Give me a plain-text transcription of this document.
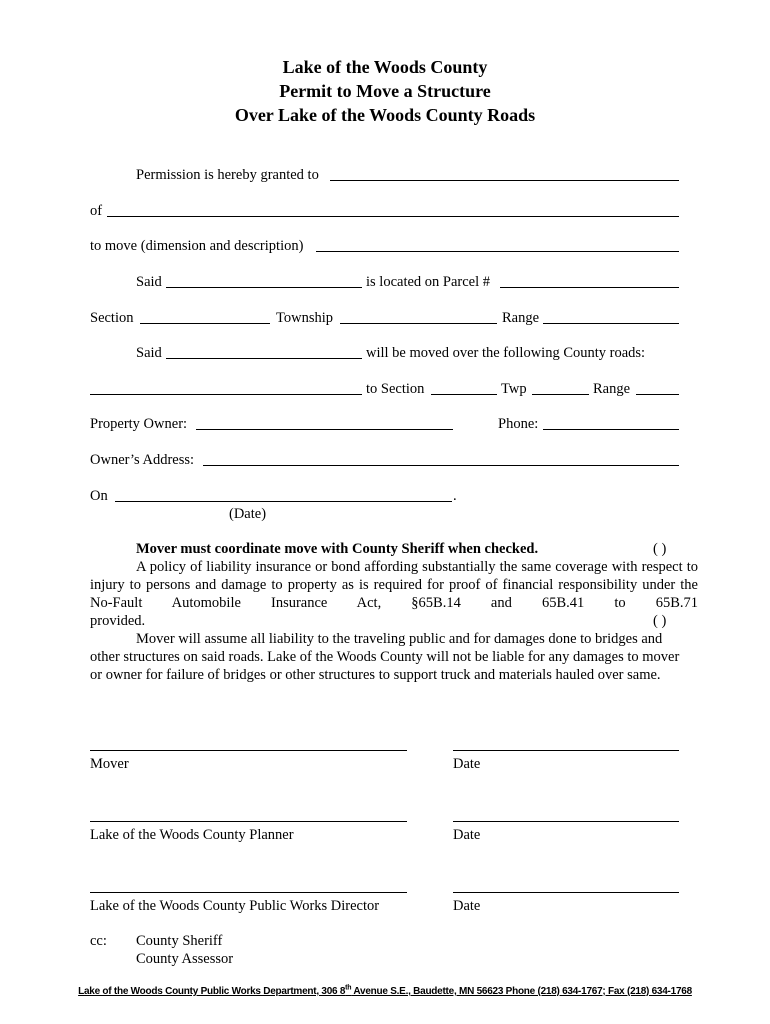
Lake of the Woods County
Permit to Move a Structure
Over Lake of the Woods County Roads
Permission is hereby granted to
of
to move (dimension and description)
Said	is located on Parcel #
Section	Township	Range
Said	will be moved over the following County roads:
to Section	Twp	Range
Property Owner:	Phone:
Owner’s Address:
On	.
(Date)
Mover must coordinate move with County Sheriff when checked.	( )
A policy of liability insurance or bond affording substantially the same coverage with respect to injury to persons and damage to property as is required for proof of financial responsibility under the No-Fault Automobile Insurance Act, §65B.14 and 65B.41 to 65B.71
provided.	( )
Mover will assume all liability to the traveling public and for damages done to bridges and other structures on said roads. Lake of the Woods County will not be liable for any damages to mover or owner for failure of bridges or other structures to support truck and materials hauled over same.
Mover	Date
Lake of the Woods County Planner	Date
Lake of the Woods County Public Works Director	Date
cc: County Sheriff
County Assessor
Lake of the Woods County Public Works Department, 306 8th Avenue S.E., Baudette, MN 56623 Phone (218) 634-1767; Fax (218) 634-1768
